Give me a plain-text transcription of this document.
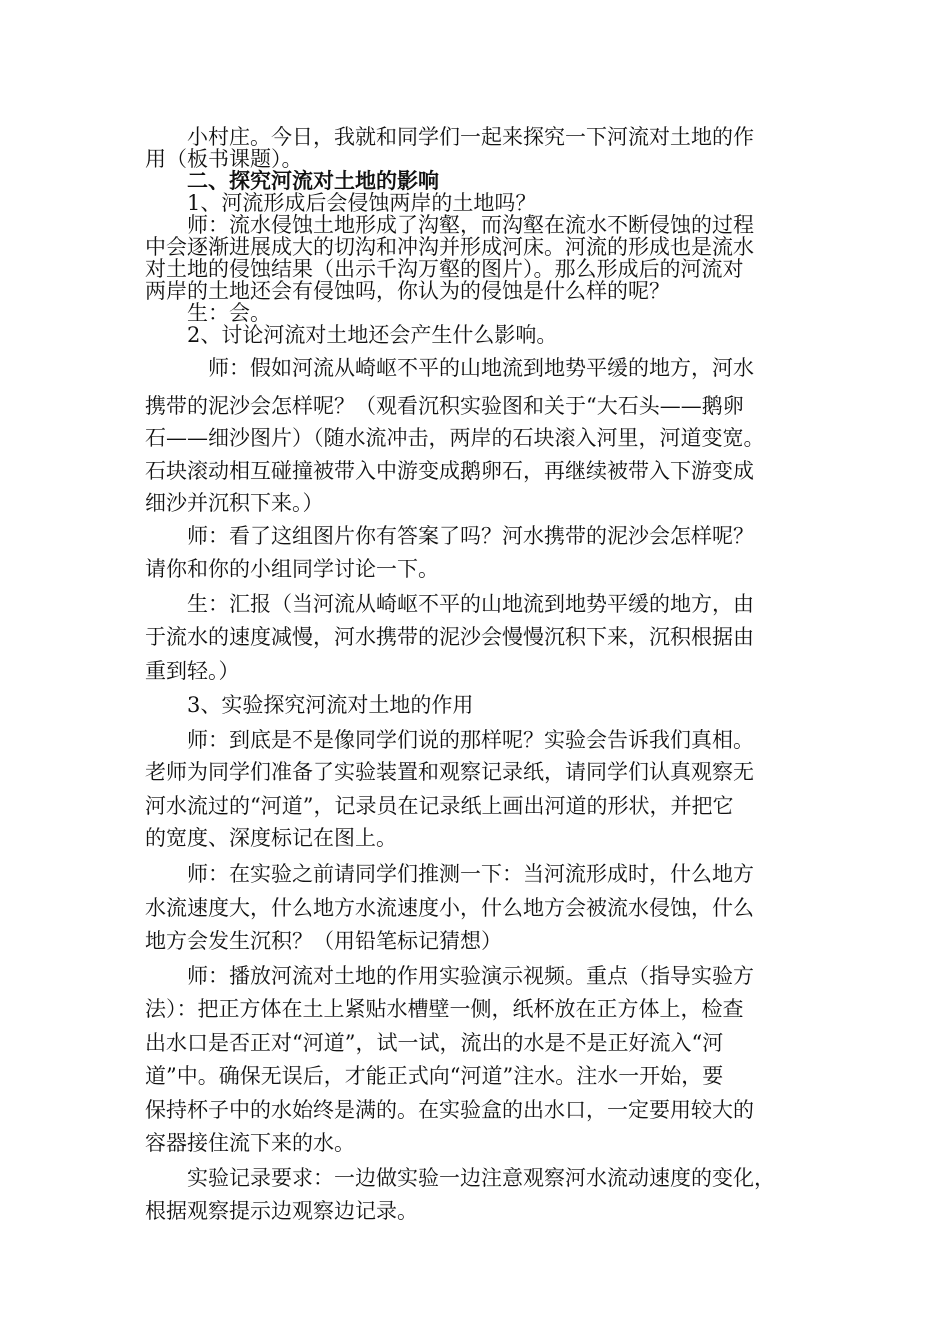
　　小村庄。今日，我就和同学们一起来探究一下河流对土地的作

用（板书课题）。

　　二、探究河流对土地的影响

　　1、河流形成后会侵蚀两岸的土地吗？

　　师：流水侵蚀土地形成了沟壑，而沟壑在流水不断侵蚀的过程

中会逐渐进展成大的切沟和冲沟并形成河床。河流的形成也是流水

对土地的侵蚀结果（出示千沟万壑的图片）。那么形成后的河流对

两岸的土地还会有侵蚀吗，你认为的侵蚀是什么样的呢？

　　生：会。

　　2、讨论河流对土地还会产生什么影响。

　　　师：假如河流从崎岖不平的山地流到地势平缓的地方，河水

携带的泥沙会怎样呢？（观看沉积实验图和关于“大石头——鹅卵

石——细沙图片）（随水流冲击，两岸的石块滚入河里，河道变宽。

石块滚动相互碰撞被带入中游变成鹅卵石，再继续被带入下游变成

细沙并沉积下来。）

　　师：看了这组图片你有答案了吗？河水携带的泥沙会怎样呢？

请你和你的小组同学讨论一下。

　　生：汇报（当河流从崎岖不平的山地流到地势平缓的地方，由

于流水的速度减慢，河水携带的泥沙会慢慢沉积下来，沉积根据由

重到轻。）

　　3、实验探究河流对土地的作用

　　师：到底是不是像同学们说的那样呢？实验会告诉我们真相。

老师为同学们准备了实验装置和观察记录纸，请同学们认真观察无

河水流过的“河道”，记录员在记录纸上画出河道的形状，并把它

的宽度、深度标记在图上。

　　师：在实验之前请同学们推测一下：当河流形成时，什么地方

水流速度大，什么地方水流速度小，什么地方会被流水侵蚀，什么

地方会发生沉积？（用铅笔标记猜想）

　　师：播放河流对土地的作用实验演示视频。重点（指导实验方

法）：把正方体在土上紧贴水槽壁一侧，纸杯放在正方体上，检查

出水口是否正对“河道”，试一试，流出的水是不是正好流入“河

道”中。确保无误后，才能正式向“河道”注水。注水一开始，要

保持杯子中的水始终是满的。在实验盒的出水口，一定要用较大的

容器接住流下来的水。

　　实验记录要求：一边做实验一边注意观察河水流动速度的变化，

根据观察提示边观察边记录。
